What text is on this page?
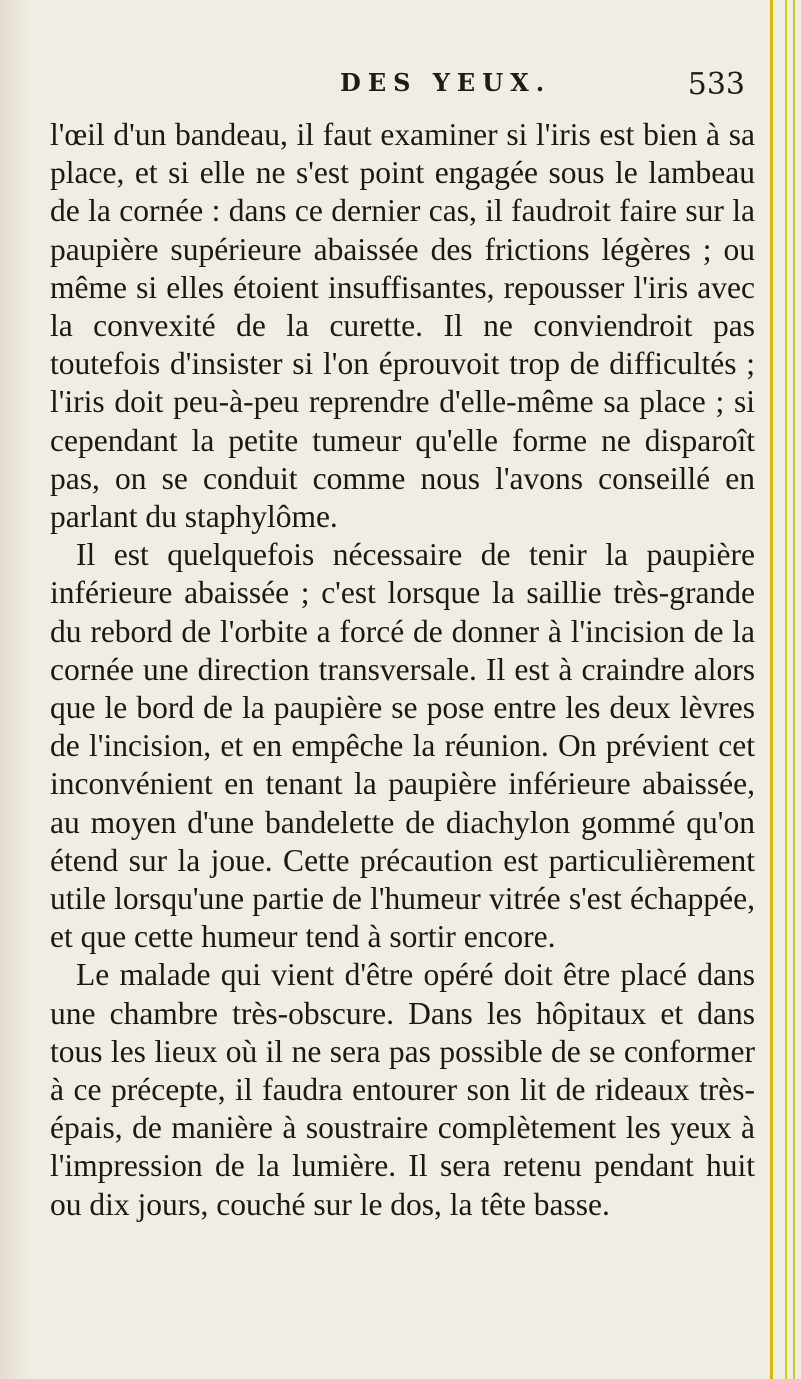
DES YEUX.	533

l'œil d'un bandeau, il faut examiner si l'iris est bien à sa place, et si elle ne s'est point engagée sous le lambeau de la cornée : dans ce dernier cas, il faudroit faire sur la paupière supérieure abaissée des frictions légères ; ou même si elles étoient insuffisantes, repousser l'iris avec la convexité de la curette. Il ne conviendroit pas toutefois d'insister si l'on éprouvoit trop de difficultés ; l'iris doit peu-à-peu reprendre d'elle-même sa place ; si cependant la petite tumeur qu'elle forme ne disparoît pas, on se conduit comme nous l'avons conseillé en parlant du staphylôme.

Il est quelquefois nécessaire de tenir la paupière inférieure abaissée ; c'est lorsque la saillie très-grande du rebord de l'orbite a forcé de donner à l'incision de la cornée une direction transversale. Il est à craindre alors que le bord de la paupière se pose entre les deux lèvres de l'incision, et en empêche la réunion. On prévient cet inconvénient en tenant la paupière inférieure abaissée, au moyen d'une bandelette de diachylon gommé qu'on étend sur la joue. Cette précaution est particulièrement utile lorsqu'une partie de l'humeur vitrée s'est échappée, et que cette humeur tend à sortir encore.

Le malade qui vient d'être opéré doit être placé dans une chambre très-obscure. Dans les hôpitaux et dans tous les lieux où il ne sera pas possible de se conformer à ce précepte, il faudra entourer son lit de rideaux très-épais, de manière à soustraire complètement les yeux à l'impression de la lumière. Il sera retenu pendant huit ou dix jours, couché sur le dos, la tête basse.
